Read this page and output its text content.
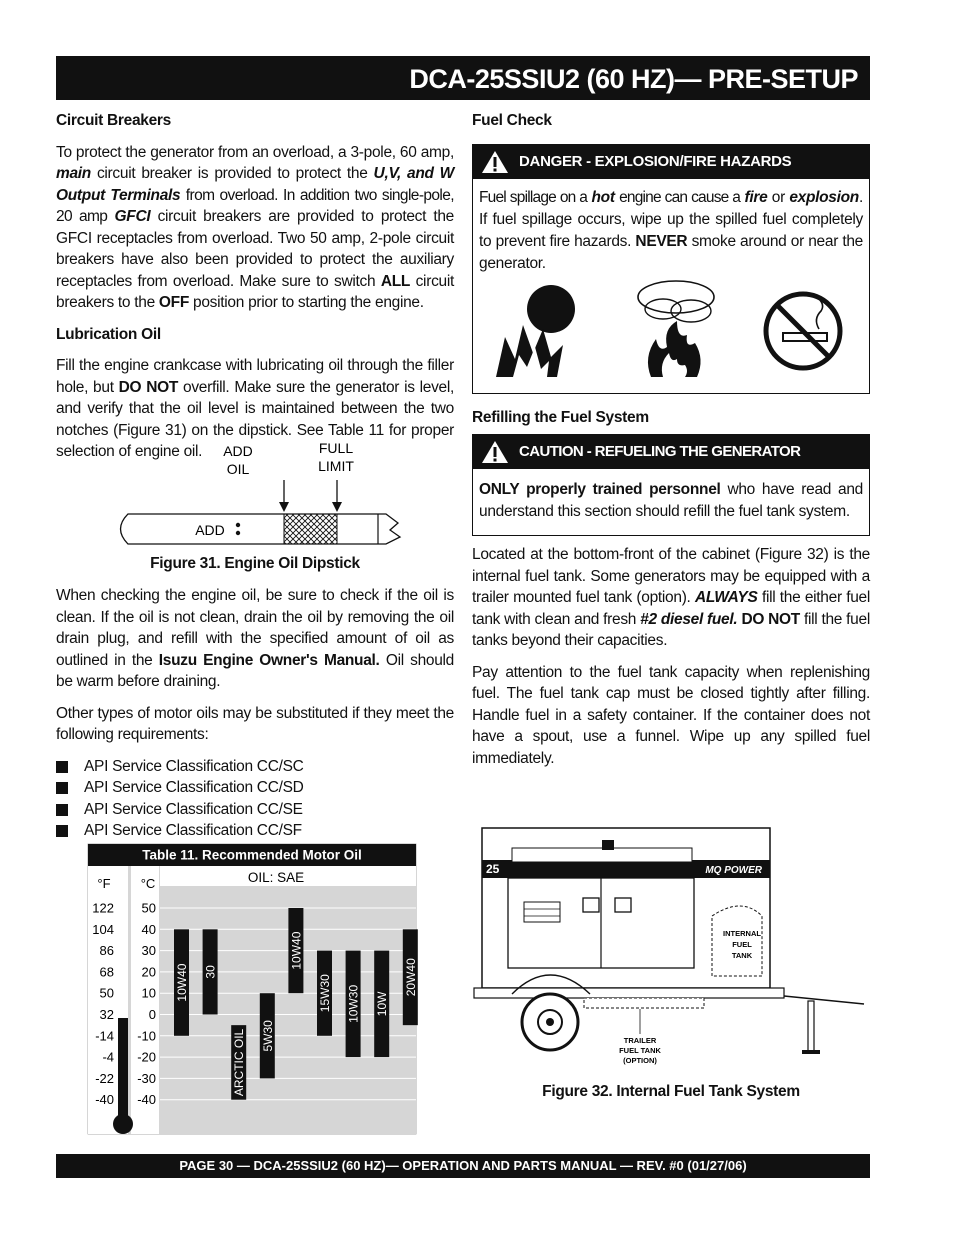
DCA-25SSIU2 (60 HZ)— PRE-SETUP
Circuit Breakers

To protect the generator from an overload, a 3-pole, 60 amp, main circuit breaker is provided to protect the U,V, and W Output Terminals from overload. In addition two single-pole, 20 amp GFCI circuit breakers are provided to protect the GFCI receptacles from overload. Two 50 amp, 2-pole circuit breakers have also been provided to protect the auxiliary receptacles from overload. Make sure to switch ALL circuit breakers to the OFF position prior to starting the engine.

Lubrication Oil

Fill the engine crankcase with lubricating oil through the filler hole, but DO NOT overfill. Make sure the generator is level, and verify that the oil level is maintained between the two notches (Figure 31) on the dipstick. See Table 11 for proper selection of engine oil.	ADD
OIL
FULL
LIMIT
ADD
Figure 31. Engine Oil Dipstick

When checking the engine oil, be sure to check if the oil is clean. If the oil is not clean, drain the oil by removing the oil drain plug, and refill with the specified amount of oil as outlined in the Isuzu Engine Owner's Manual. Oil should be warm before draining.

Other types of motor oils may be substituted if they meet the following requirements:

API Service Classification CC/SC
API Service Classification CC/SD
API Service Classification CC/SE
API Service Classification CC/SF
Table 11. Recommended Motor Oil
OIL: SAE
°F °C
122
104
86
68
50
32
-14
-4
-22
-40
50
40
30
20
10
0
-10
-20
-30
-40
10W40 30
ARCTIC OIL 5W30
10W40
15W30 10W30 10W
20W40
Fuel Check
DANGER - EXPLOSION/FIRE HAZARDS
Fuel spillage on a hot engine can cause a fire or explosion. If fuel spillage occurs, wipe up the spilled fuel completely to prevent fire hazards. NEVER smoke around or near the generator.
Refilling the Fuel System
CAUTION - REFUELING THE GENERATOR
ONLY properly trained personnel who have read and understand this section should refill the fuel tank system.

Located at the bottom-front of the cabinet (Figure 32) is the internal fuel tank. Some generators may be equipped with a trailer mounted fuel tank (option). ALWAYS fill the either fuel tank with clean and fresh #2 diesel fuel. DO NOT fill the fuel tanks beyond their capacities.

Pay attention to the fuel tank capacity when replenishing fuel. The fuel tank cap must be closed tightly after filling. Handle fuel in a safety container. If the container does not have a spout, use a funnel. Wipe up any spilled fuel immediately.

25	MQ POWER
INTERNAL
FUEL
TANK
TRAILER
FUEL TANK
(OPTION)
Figure 32. Internal Fuel Tank System
PAGE 30 — DCA-25SSIU2 (60 HZ)— OPERATION AND PARTS MANUAL — REV. #0 (01/27/06)
